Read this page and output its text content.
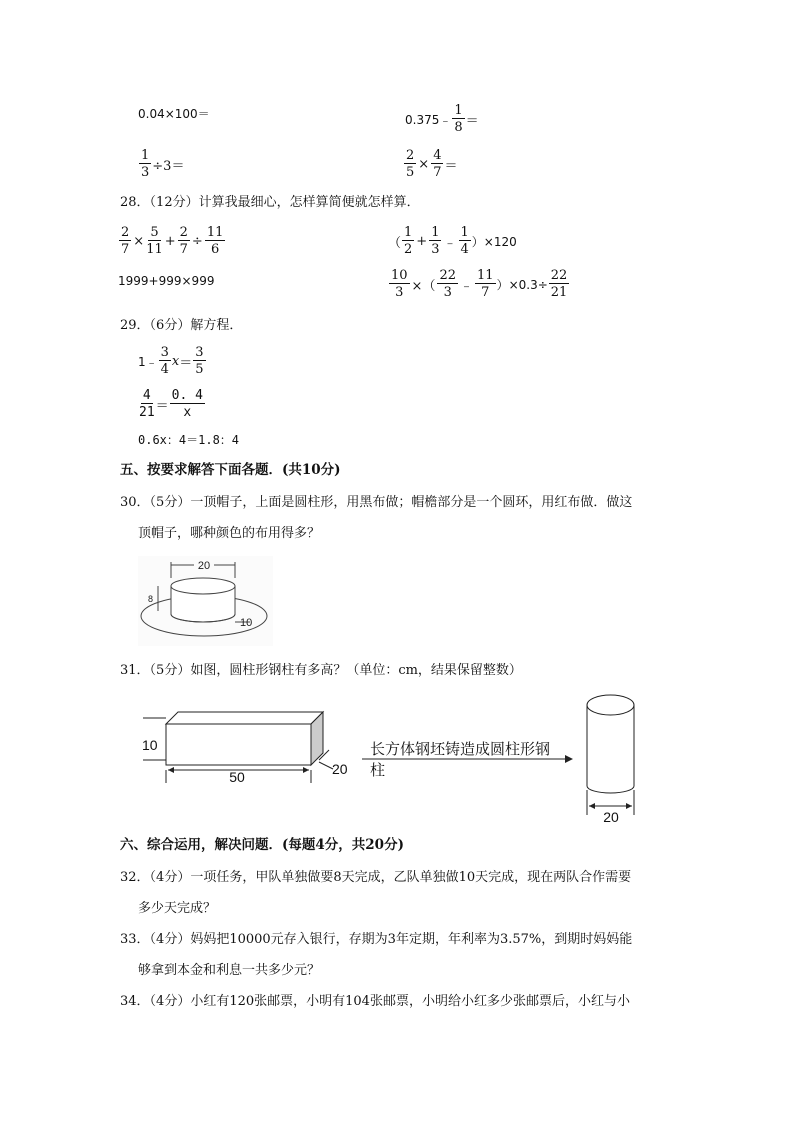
0.04×100＝	0.375﹣ $\frac{1}{8}$ ＝
$\frac{1}{3} \div 3=$	$\frac{2}{5} \times \frac{4}{7}$ ＝
28．（12分）计算我最细心，怎样算简便就怎样算．
$\frac{2}{7} \times \frac{5}{11} + \frac{2}{7} \div \frac{11}{6}$	（ $\frac{1}{2} + \frac{1}{3}$ ﹣ $\frac{1}{4} )\times 120$
1999+999×999	$\frac{10}{3}$ ×（ $\frac{22}{3}$ ﹣ $\frac{11}{7} )\times 0.3\div \frac{22}{21}$
29．（6分）解方程．
1﹣ $\frac{3}{4}$ $x = \frac{3}{5}$
$\frac{4}{21} = \frac{0. 4}{x}$
0.6x：4＝1.8：4
五、按要求解答下面各题．(共10分)
30．（5分）一顶帽子，上面是圆柱形，用黑布做；帽檐部分是一个圆环，用红布做．做这
顶帽子，哪种颜色的布用得多？
20
8
10
31．（5分）如图，圆柱形钢柱有多高？（单位：cm，结果保留整数）
10
50	20
长方体钢坯铸造成圆柱形钢
柱
20
六、综合运用，解决问题．(每题4分，共20分)
32．（4分）一项任务，甲队单独做要8天完成，乙队单独做10天完成，现在两队合作需要
多少天完成？
33．（4分）妈妈把10000元存入银行，存期为3年定期，年利率为3.57%，到期时妈妈能
够拿到本金和利息一共多少元？
34．（4分）小红有120张邮票，小明有104张邮票，小明给小红多少张邮票后，小红与小
